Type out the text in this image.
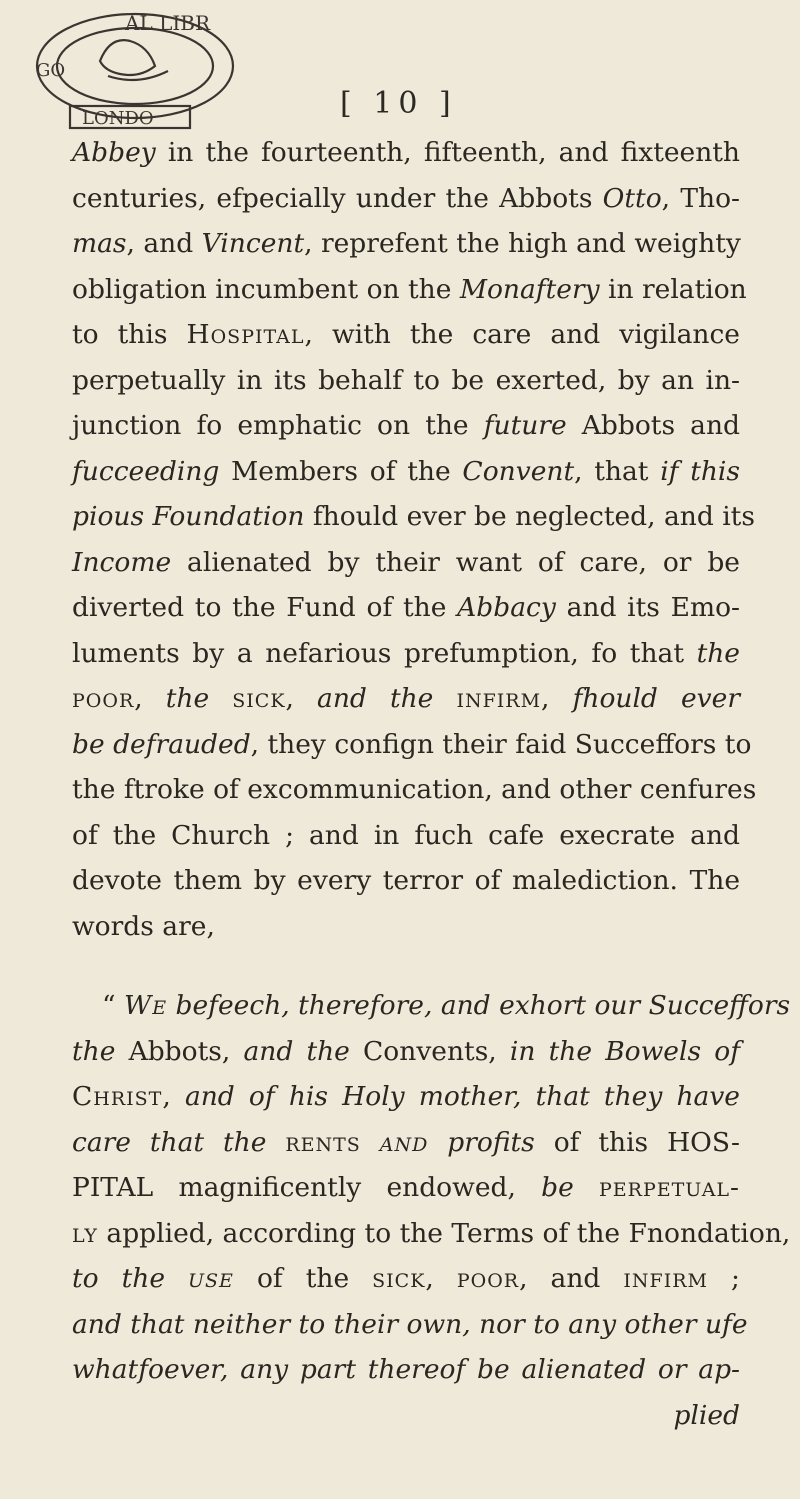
AL LIBR
GO
LONDO	[ 10 ]
Abbey in the fourteenth, fifteenth, and fixteenth
centuries, efpecially under the Abbots Otto, Tho-
mas, and Vincent, reprefent the high and weighty
obligation incumbent on the Monaftery in relation
to this Hospital, with the care and vigilance
perpetually in its behalf to be exerted, by an in-
junction fo emphatic on the future Abbots and
fucceeding Members of the Convent, that if this
pious Foundation fhould ever be neglected, and its
Income alienated by their want of care, or be
diverted to the Fund of the Abbacy and its Emo-
luments by a nefarious prefumption, fo that the
poor, the sick, and the infirm, fhould ever
be defrauded, they confign their faid Succeffors to
the ftroke of excommunication, and other cenfures
of the Church ; and in fuch cafe execrate and
devote them by every terror of malediction. The
words are,
“ We befeech, therefore, and exhort our Succeffors
the Abbots, and the Convents, in the Bowels of
Christ, and of his Holy mother, that they have
care that the rents and profits of this HOS-
PITAL magnificently endowed, be perpetual-
ly applied, according to the Terms of the Fnondation,
to the use of the sick, poor, and infirm ;
and that neither to their own, nor to any other ufe
whatfoever, any part thereof be alienated or ap-
plied
